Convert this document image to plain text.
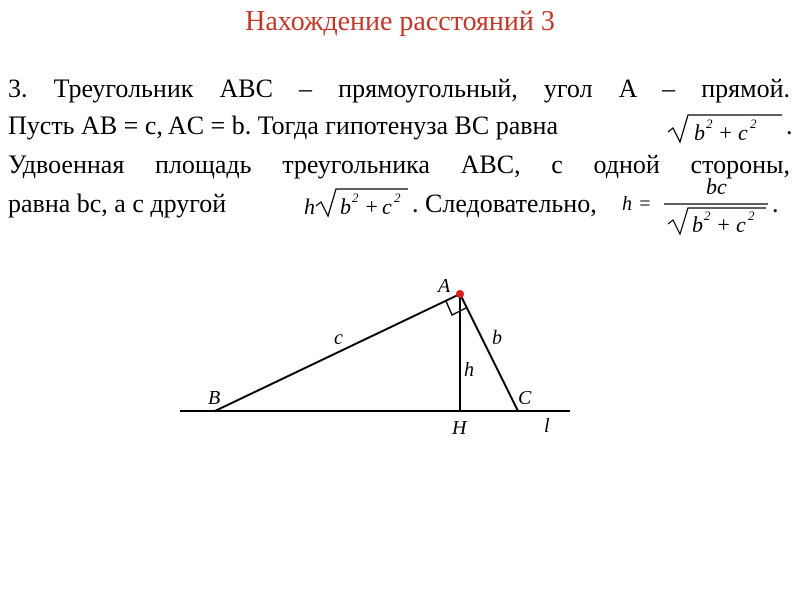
Нахождение расстояний 3
3. Треугольник ABC – прямоугольный, угол A – прямой.
Пусть AB = c, AC = b. Тогда гипотенуза BC равна	b 2 + c 2 .
Удвоенная площадь треугольника ABC, с одной стороны,
равна bc, а с другой	h b 2 + c 2 . Следовательно, h =
bc
b 2 + c 2 .
A
B	C
H
c	b
h
l
